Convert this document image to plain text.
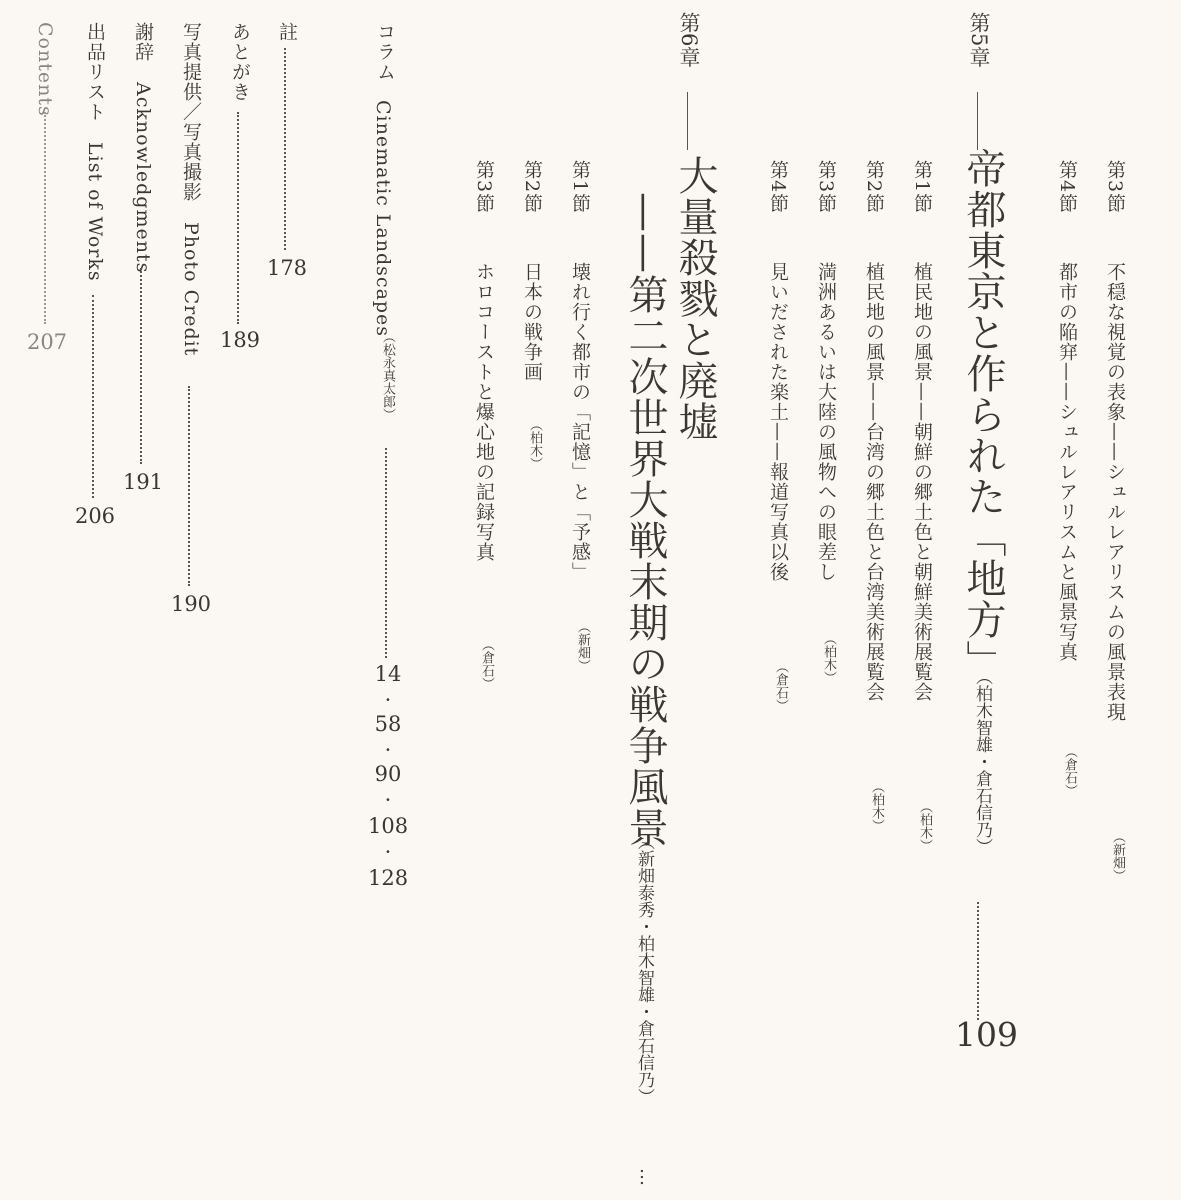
第3節
不穏な視覚の表象——シュルレアリスムの風景表現
（新畑）
第4節
都市の陥穽——シュルレアリスムと風景写真
（倉石）
第5章
帝都東京と作られた「地方」
（柏木智雄・倉石信乃）
109
第1節
植民地の風景——朝鮮の郷土色と朝鮮美術展覧会
（柏木）
第2節
植民地の風景——台湾の郷土色と台湾美術展覧会
（柏木）
第3節
満洲あるいは大陸の風物への眼差し
（柏木）
第4節
見いだされた楽土——報道写真以後
（倉石）
第6章
大量殺戮と廃墟
——第二次世界大戦末期の戦争風景
（新畑泰秀・柏木智雄・倉石信乃）
…
第1節
壊れ行く都市の「記憶」と「予感」
（新畑）
第2節
日本の戦争画
（柏木）
第3節
ホロコーストと爆心地の記録写真
（倉石）
コラム
Cinematic Landscapes
（松永真太郎）
14
·
58
·
90
·
108
·
128
註
178
あとがき
189
写真提供／写真撮影　Photo Credit
190
謝辞　Acknowledgments
191
出品リスト　List of Works
206
Contents
207
